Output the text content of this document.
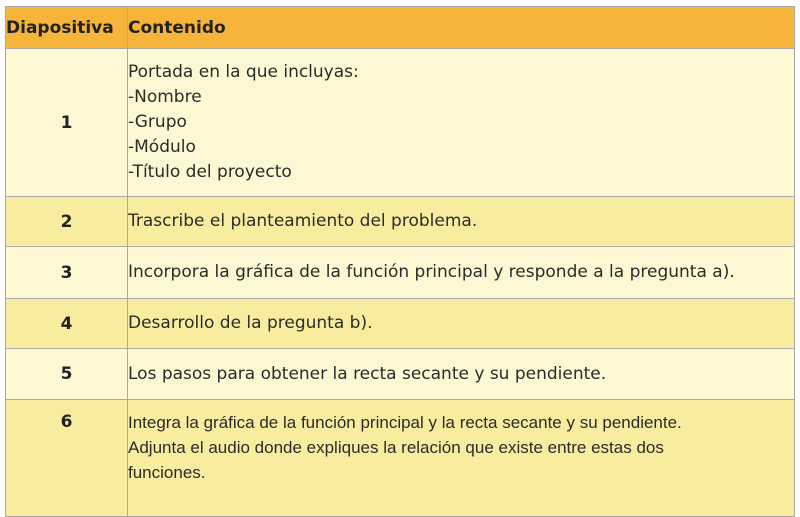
Diapositiva	Contenido
1	Portada en la que incluyas:
-Nombre
-Grupo
-Módulo
-Título del proyecto

2	Trascribe el planteamiento del problema.

3	Incorpora la gráfica de la función principal y responde a la pregunta a).

4	Desarrollo de la pregunta b).

5	Los pasos para obtener la recta secante y su pendiente.

6	Integra la gráfica de la función principal y la recta secante y su pendiente.
Adjunta el audio donde expliques la relación que existe entre estas dos
funciones.
